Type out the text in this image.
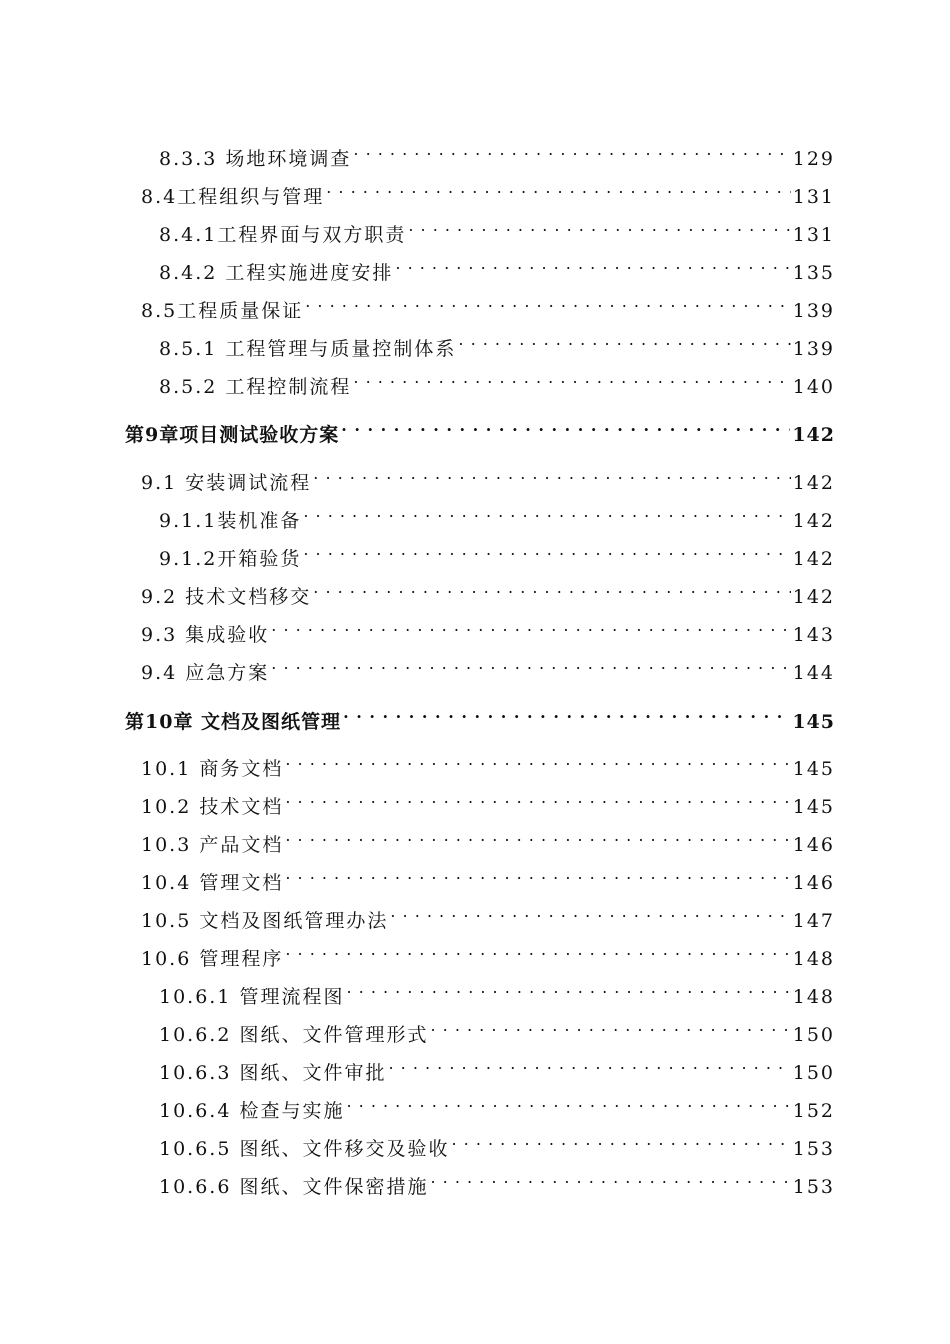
8.3.3 场地环境调查 . . .	129
8.4工程组织与管理 . . .	131
8.4.1工程界面与双方职责 . . .	131
8.4.2 工程实施进度安排 . . .	135
8.5工程质量保证 . . .	139
8.5.1 工程管理与质量控制体系 . . .	139
8.5.2 工程控制流程 . . .	140
第9章项目测试验收方案 . . .	142
9.1 安装调试流程 . . .	142
9.1.1装机准备 . . .	142
9.1.2开箱验货 . . .	142
9.2 技术文档移交 . . .	142
9.3 集成验收 . . .	143
9.4 应急方案 . . .	144
第10章 文档及图纸管理 . . .	145
10.1 商务文档 . . .	145
10.2 技术文档 . . .	145
10.3 产品文档 . . .	146
10.4 管理文档 . . .	146
10.5 文档及图纸管理办法 . . .	147
10.6 管理程序 . . .	148
10.6.1 管理流程图 . . .	148
10.6.2 图纸、文件管理形式 . . .	150
10.6.3 图纸、文件审批 . . .	150
10.6.4 检查与实施 . . .	152
10.6.5 图纸、文件移交及验收 . . .	153
10.6.6 图纸、文件保密措施 . . .	153
